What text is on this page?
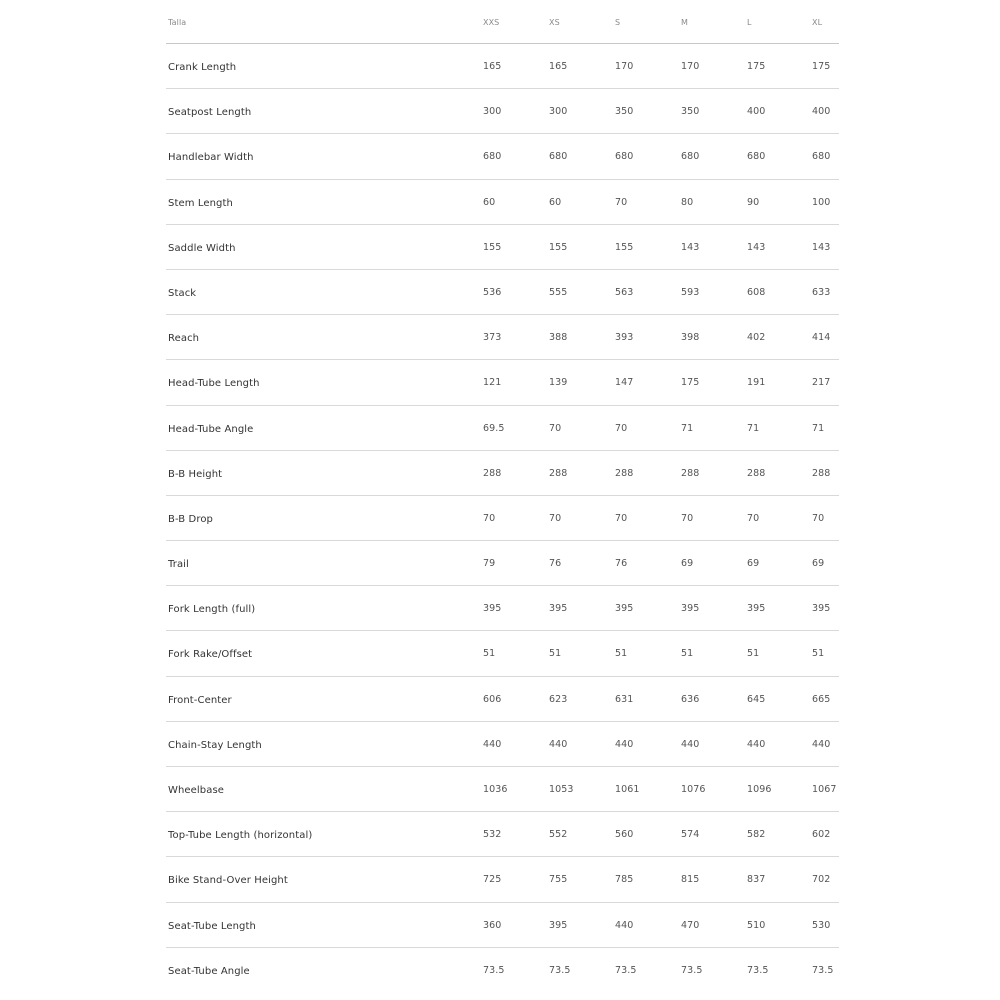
Talla	XXS	XS	S	M	L	XL
Crank Length	165	165	170	170	175	175
Seatpost Length	300	300	350	350	400	400
Handlebar Width	680	680	680	680	680	680
Stem Length	60	60	70	80	90	100
Saddle Width	155	155	155	143	143	143
Stack	536	555	563	593	608	633
Reach	373	388	393	398	402	414
Head-Tube Length	121	139	147	175	191	217
Head-Tube Angle	69.5	70	70	71	71	71
B-B Height	288	288	288	288	288	288
B-B Drop	70	70	70	70	70	70
Trail	79	76	76	69	69	69
Fork Length (full)	395	395	395	395	395	395
Fork Rake/Offset	51	51	51	51	51	51
Front-Center	606	623	631	636	645	665
Chain-Stay Length	440	440	440	440	440	440
Wheelbase	1036	1053	1061	1076	1096	1067
Top-Tube Length (horizontal)	532	552	560	574	582	602
Bike Stand-Over Height	725	755	785	815	837	702
Seat-Tube Length	360	395	440	470	510	530
Seat-Tube Angle	73.5	73.5	73.5	73.5	73.5	73.5
